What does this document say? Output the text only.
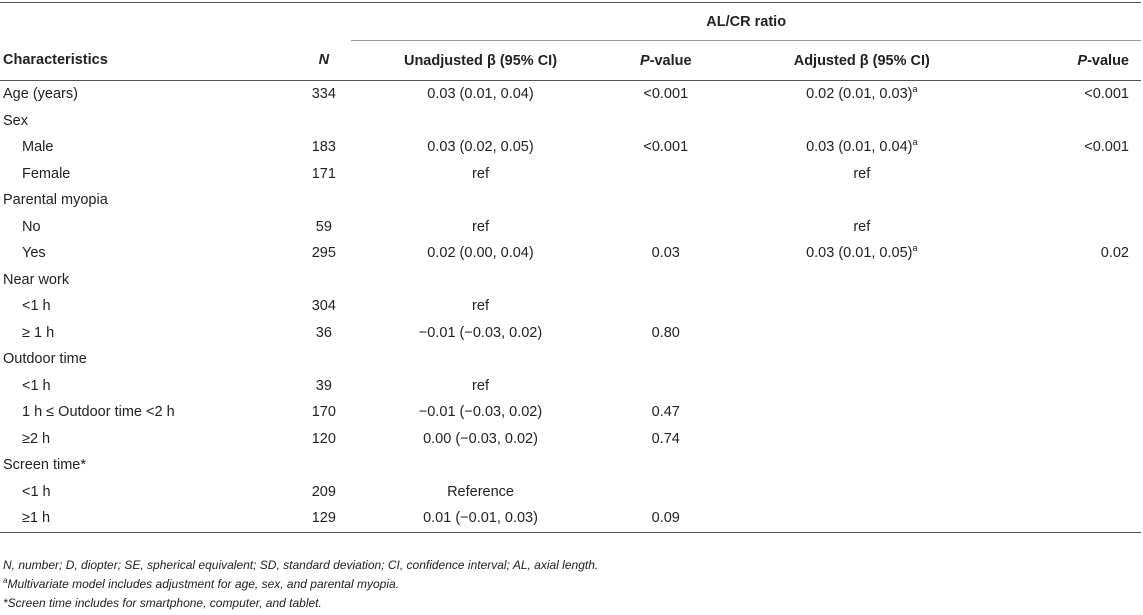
		AL/CR ratio			
Characteristics	N	Unadjusted β (95% CI)	P-value	Adjusted β (95% CI)	P-value
Age (years)	334	0.03 (0.01, 0.04)	<0.001	0.02 (0.01, 0.03)$^a$	<0.001
Sex					
Male	183	0.03 (0.02, 0.05)	<0.001	0.03 (0.01, 0.04)$^a$	<0.001
Female	171	ref		ref	
Parental myopia					
No	59	ref		ref	
Yes	295	0.02 (0.00, 0.04)	0.03	0.03 (0.01, 0.05)$^a$	0.02
Near work					
<1 h	304	ref			
≥ 1 h	36	−0.01 (−0.03, 0.02)	0.80		
Outdoor time					
<1 h	39	ref			
1 h ≤ Outdoor time <2 h	170	−0.01 (−0.03, 0.02)	0.47		
≥2 h	120	0.00 (−0.03, 0.02)	0.74		
Screen time*					
<1 h	209	Reference			
≥1 h	129	0.01 (−0.01, 0.03)	0.09		

N, number; D, diopter; SE, spherical equivalent; SD, standard deviation; CI, confidence interval; AL, axial length.

$^a$Multivariate model includes adjustment for age, sex, and parental myopia.

*Screen time includes for smartphone, computer, and tablet.
